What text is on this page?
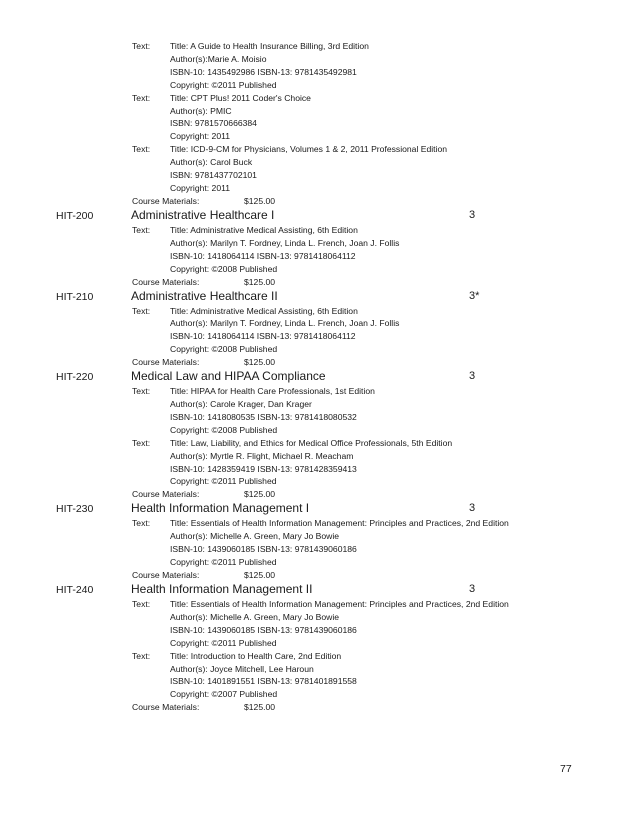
Text:	Title: A Guide to Health Insurance Billing, 3rd Edition
Author(s):Marie A. Moisio
ISBN-10: 1435492986 ISBN-13: 9781435492981
Copyright: ©2011 Published
Text:	Title: CPT Plus! 2011 Coder's Choice
Author(s): PMIC
ISBN: 9781570666384
Copyright: 2011
Text:	Title: ICD-9-CM for Physicians, Volumes 1 & 2, 2011 Professional Edition
Author(s): Carol Buck
ISBN: 9781437702101
Copyright: 2011
Course Materials:	$125.00
HIT-200	Administrative Healthcare I	3
Text:	Title: Administrative Medical Assisting, 6th Edition
Author(s): Marilyn T. Fordney, Linda L. French, Joan J. Follis
ISBN-10: 1418064114 ISBN-13: 9781418064112
Copyright: ©2008 Published
Course Materials:	$125.00
HIT-210	Administrative Healthcare II	3*
Text:	Title: Administrative Medical Assisting, 6th Edition
Author(s): Marilyn T. Fordney, Linda L. French, Joan J. Follis
ISBN-10: 1418064114 ISBN-13: 9781418064112
Copyright: ©2008 Published
Course Materials:	$125.00
HIT-220	Medical Law and HIPAA Compliance	3
Text:	Title: HIPAA for Health Care Professionals, 1st Edition
Author(s): Carole Krager, Dan Krager
ISBN-10: 1418080535 ISBN-13: 9781418080532
Copyright: ©2008 Published
Text:	Title: Law, Liability, and Ethics for Medical Office Professionals, 5th Edition
Author(s): Myrtle R. Flight, Michael R. Meacham
ISBN-10: 1428359419 ISBN-13: 9781428359413
Copyright: ©2011 Published
Course Materials:	$125.00
HIT-230	Health Information Management I	3
Text:	Title: Essentials of Health Information Management: Principles and Practices, 2nd Edition
Author(s): Michelle A. Green, Mary Jo Bowie
ISBN-10: 1439060185 ISBN-13: 9781439060186
Copyright: ©2011 Published
Course Materials:	$125.00
HIT-240	Health Information Management II	3
Text:	Title: Essentials of Health Information Management: Principles and Practices, 2nd Edition
Author(s): Michelle A. Green, Mary Jo Bowie
ISBN-10: 1439060185 ISBN-13: 9781439060186
Copyright: ©2011 Published
Text:	Title: Introduction to Health Care, 2nd Edition
Author(s): Joyce Mitchell, Lee Haroun
ISBN-10: 1401891551 ISBN-13: 9781401891558
Copyright: ©2007 Published
Course Materials:	$125.00
77
